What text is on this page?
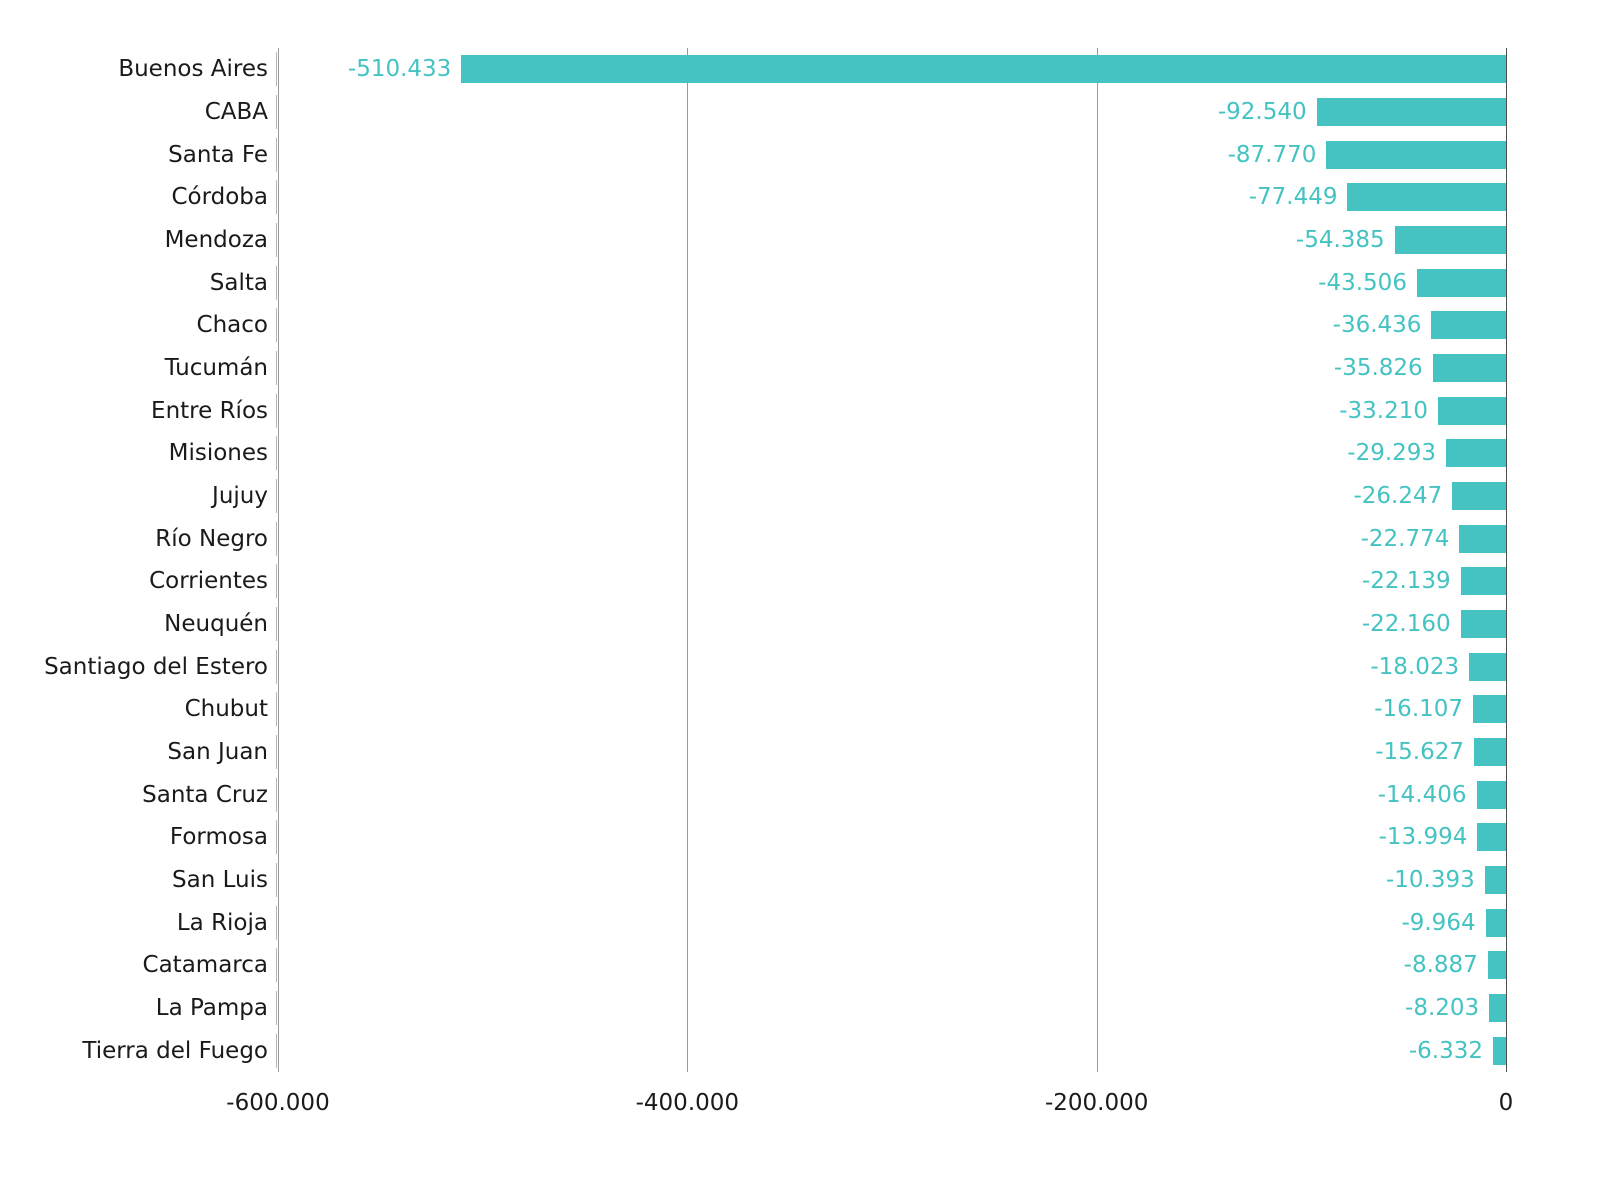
-510.433
-92.540
-87.770
-77.449
-54.385
-43.506
-36.436
-35.826
-33.210
-29.293
-26.247
-22.774
-22.139
-22.160
-18.023
-16.107
-15.627
-14.406
-13.994
-10.393
-9.964
-8.887
-8.203
-6.332
Buenos Aires
CABA
Santa Fe
Córdoba
Mendoza
Salta
Chaco
Tucumán
Entre Ríos
Misiones
Jujuy
Río Negro
Corrientes
Neuquén
Santiago del Estero
Chubut
San Juan
Santa Cruz
Formosa
San Luis
La Rioja
Catamarca
La Pampa
Tierra del Fuego
-600.000	-400.000	-200.000	0
